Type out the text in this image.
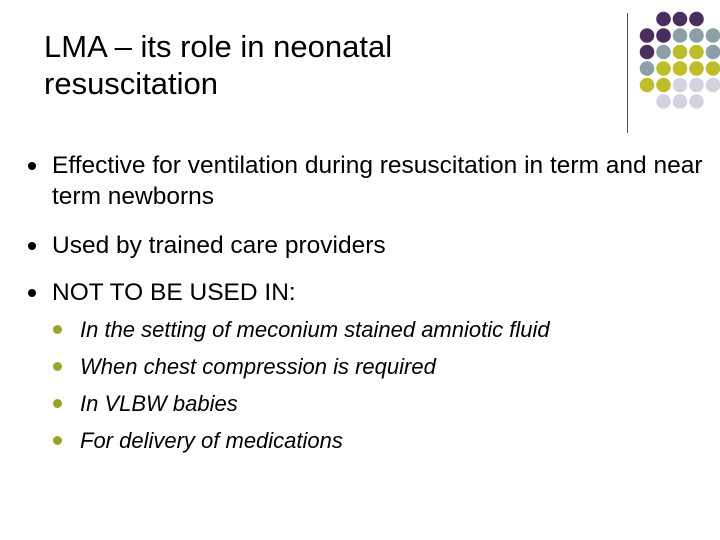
LMA – its role in neonatal resuscitation
Effective for ventilation during resuscitation in term and near term newborns
Used by trained care providers
NOT TO BE USED IN:
In the setting of meconium stained amniotic fluid
When chest compression is required
In VLBW babies
For delivery of medications
